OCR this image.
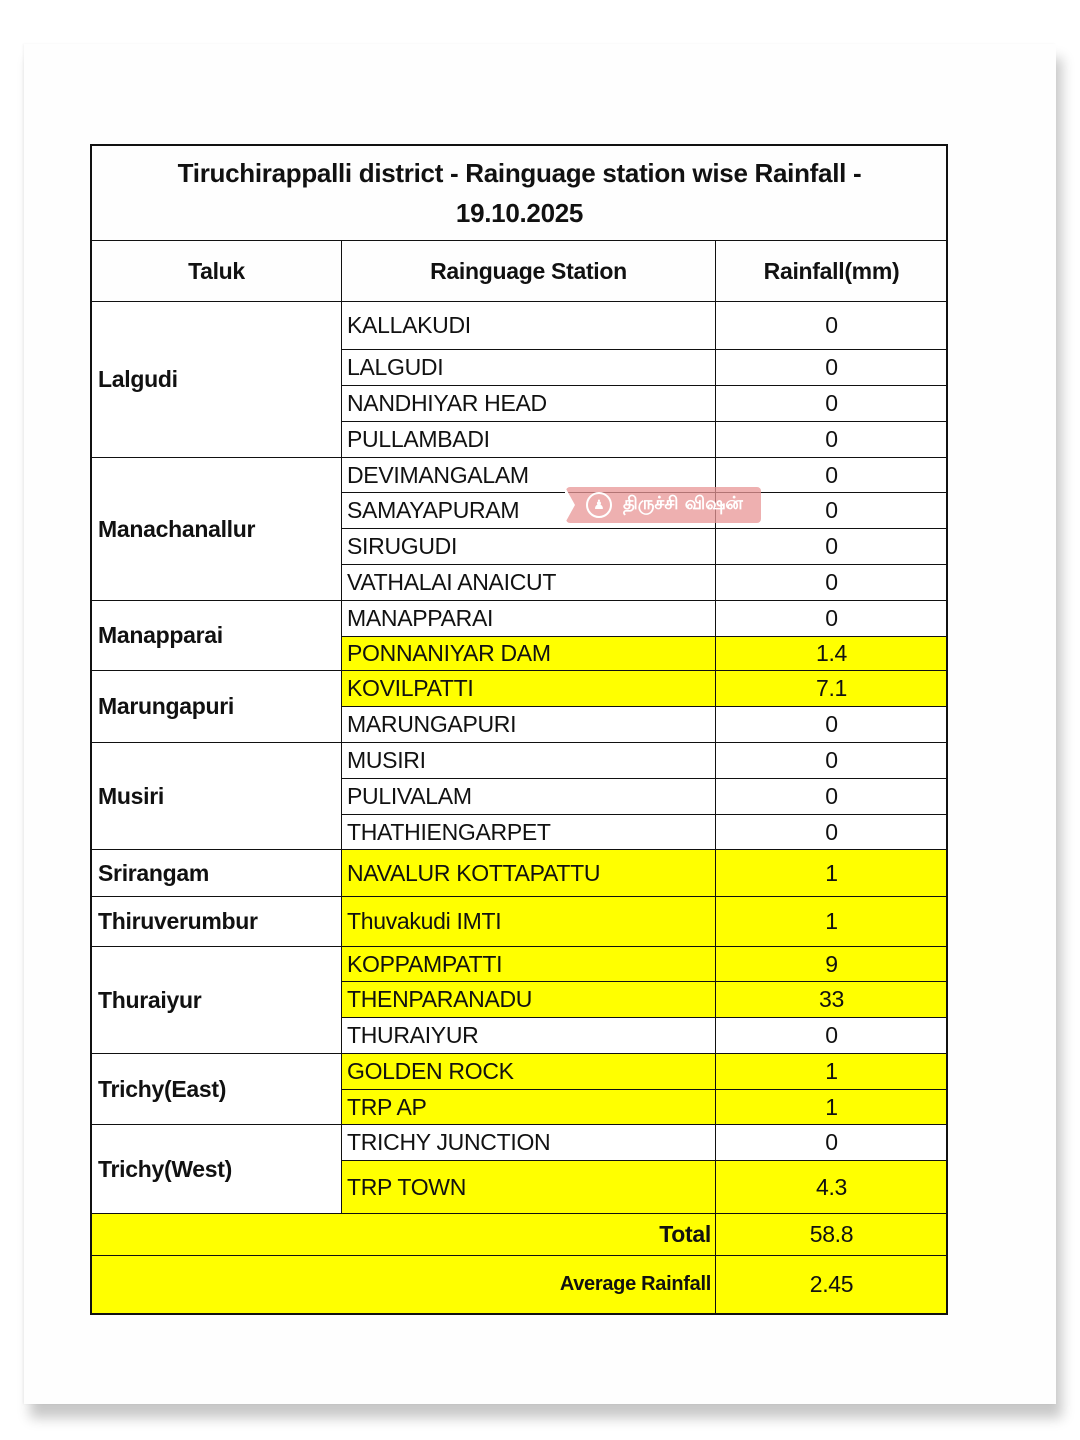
Tiruchirappalli district - Rainguage station wise Rainfall -
19.10.2025
Taluk	Rainguage Station	Rainfall(mm)
Lalgudi
KALLAKUDI	0
LALGUDI	0
NANDHIYAR HEAD	0
PULLAMBADI	0
Manachanallur
DEVIMANGALAM	0
SAMAYAPURAM	0
SIRUGUDI	0
VATHALAI ANAICUT	0
Manapparai
MANAPPARAI	0
PONNANIYAR DAM	1.4
Marungapuri
KOVILPATTI	7.1
MARUNGAPURI	0
Musiri
MUSIRI	0
PULIVALAM	0
THATHIENGARPET	0
Srirangam	NAVALUR KOTTAPATTU	1
Thiruverumbur	Thuvakudi IMTI	1
Thuraiyur
KOPPAMPATTI	9
THENPARANADU	33
THURAIYUR	0
Trichy(East)
GOLDEN ROCK	1
TRP AP	1
Trichy(West)
TRICHY JUNCTION	0
TRP TOWN	4.3
Total	58.8
Average Rainfall	2.45
♟	திருச்சி விஷன்
